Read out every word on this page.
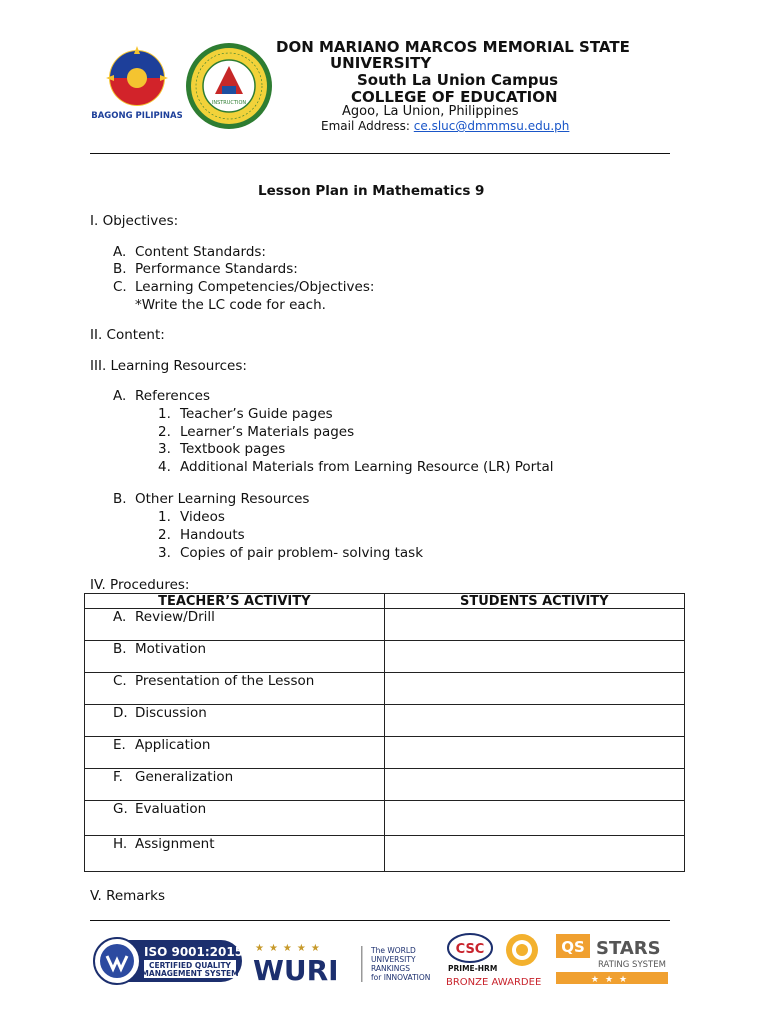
BAGONG PILIPINAS
INSTRUCTION
DON MARIANO MARCOS MEMORIAL STATE
UNIVERSITY
South La Union Campus
COLLEGE OF EDUCATION
Agoo, La Union, Philippines
Email Address: ce.sluc@dmmmsu.edu.ph
Lesson Plan in Mathematics 9
I. Objectives:
A. Content Standards:
B. Performance Standards:
C. Learning Competencies/Objectives:
*Write the LC code for each.
II. Content:
III. Learning Resources:
A. References
1. Teacher’s Guide pages
2. Learner’s Materials pages
3. Textbook pages
4. Additional Materials from Learning Resource (LR) Portal
B. Other Learning Resources
1. Videos
2. Handouts
3. Copies of pair problem- solving task
IV. Procedures:
TEACHER’S ACTIVITY	STUDENTS ACTIVITY

A. Review/Drill	

B. Motivation	

C. Presentation of the Lesson	

D. Discussion	

E. Application	

F. Generalization	

G. Evaluation	

H. Assignment	

V. Remarks
ISO 9001:2015
CERTIFIED QUALITY
MANAGEMENT SYSTEM
★★★★★
WURI
The WORLD
UNIVERSITY
RANKINGS
for INNOVATION
CSC
PRIME-HRM
BRONZE AWARDEE
QS STARS
RATING SYSTEM
★★★
